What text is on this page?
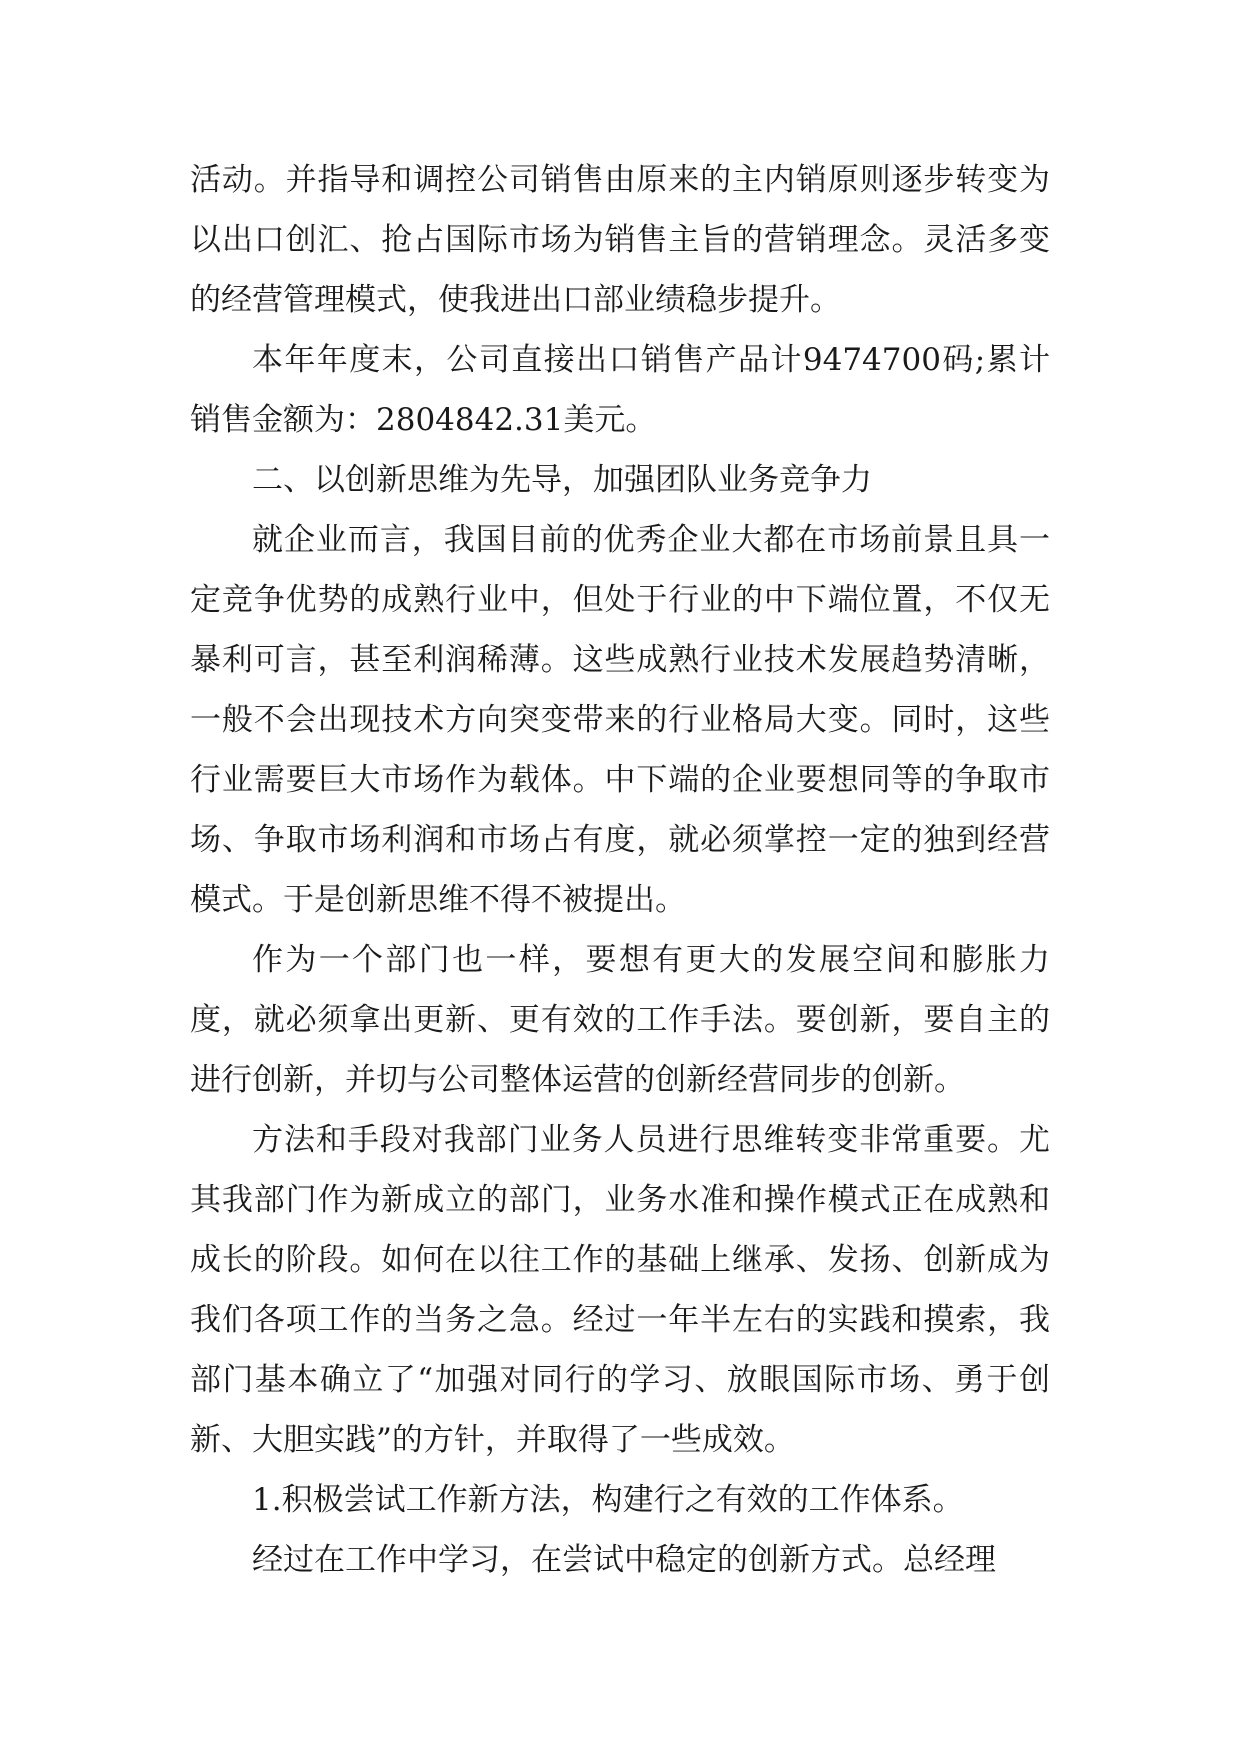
活动。并指导和调控公司销售由原来的主内销原则逐步转变为以出口创汇、抢占国际市场为销售主旨的营销理念。灵活多变的经营管理模式，使我进出口部业绩稳步提升。

本年年度末，公司直接出口销售产品计9474700码;累计销售金额为：2804842.31美元。

二、以创新思维为先导，加强团队业务竞争力

就企业而言，我国目前的优秀企业大都在市场前景且具一定竞争优势的成熟行业中，但处于行业的中下端位置，不仅无暴利可言，甚至利润稀薄。这些成熟行业技术发展趋势清晰，一般不会出现技术方向突变带来的行业格局大变。同时，这些行业需要巨大市场作为载体。中下端的企业要想同等的争取市场、争取市场利润和市场占有度，就必须掌控一定的独到经营模式。于是创新思维不得不被提出。

作为一个部门也一样，要想有更大的发展空间和膨胀力度，就必须拿出更新、更有效的工作手法。要创新，要自主的进行创新，并切与公司整体运营的创新经营同步的创新。

方法和手段对我部门业务人员进行思维转变非常重要。尤其我部门作为新成立的部门，业务水准和操作模式正在成熟和成长的阶段。如何在以往工作的基础上继承、发扬、创新成为我们各项工作的当务之急。经过一年半左右的实践和摸索，我部门基本确立了“加强对同行的学习、放眼国际市场、勇于创新、大胆实践”的方针，并取得了一些成效。

1.积极尝试工作新方法，构建行之有效的工作体系。

经过在工作中学习，在尝试中稳定的创新方式。总经理
